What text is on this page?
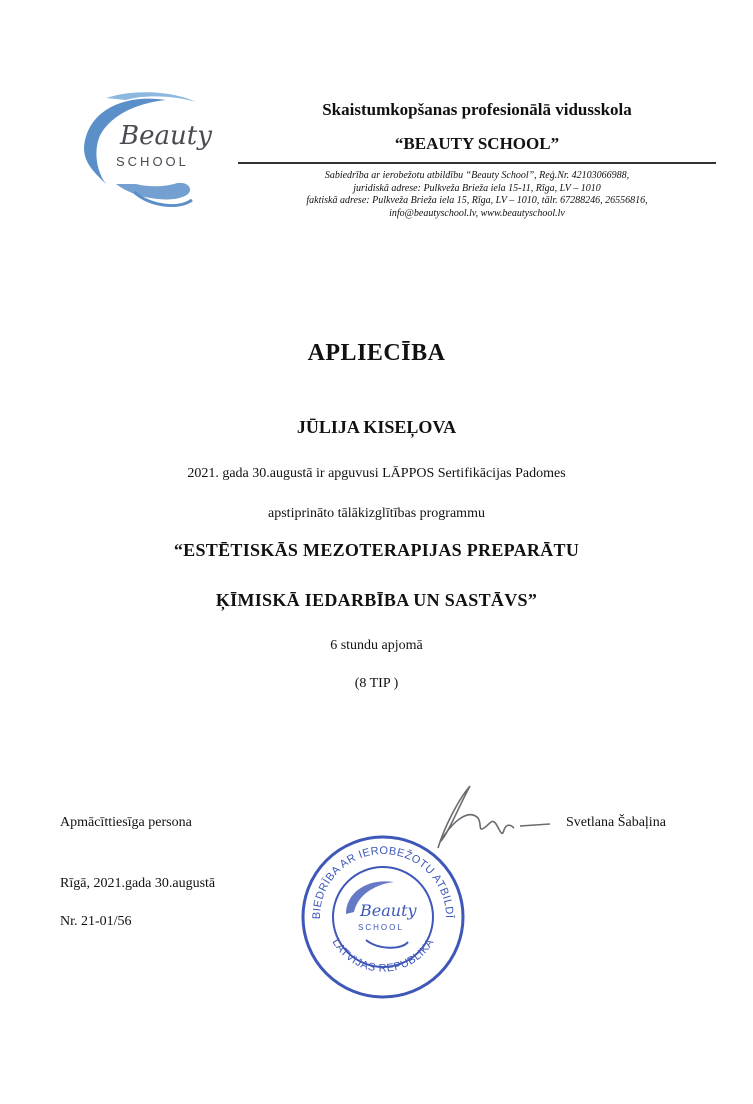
Beauty
SCHOOL
Skaistumkopšanas profesionālā vidusskola
“BEAUTY SCHOOL”
Sabiedrība ar ierobežotu atbildību “Beauty School”, Reģ.Nr. 42103066988,
juridiskā adrese: Pulkveža Brieža iela 15-11, Rīga, LV – 1010
faktiskā adrese: Pulkveža Brieža iela 15, Rīga, LV – 1010, tālr. 67288246, 26556816,
info@beautyschool.lv, www.beautyschool.lv
APLIECĪBA
JŪLIJA KISEĻOVA
2021. gada 30.augustā ir apguvusi LĀPPOS Sertifikācijas Padomes
apstiprināto tālākizglītības programmu
“ESTĒTISKĀS MEZOTERAPIJAS PREPARĀTU
ĶĪMISKĀ IEDARBĪBA UN SASTĀVS”
6 stundu apjomā
(8 TIP )
Apmācīttiesīga persona
Rīgā, 2021.gada 30.augustā
Nr. 21-01/56
Svetlana Šabaļina
BIEDRĪBA AR IEROBEŽOTU ATBILDĪ
LATVIJAS REPUBLIKA
Beauty
SCHOOL
